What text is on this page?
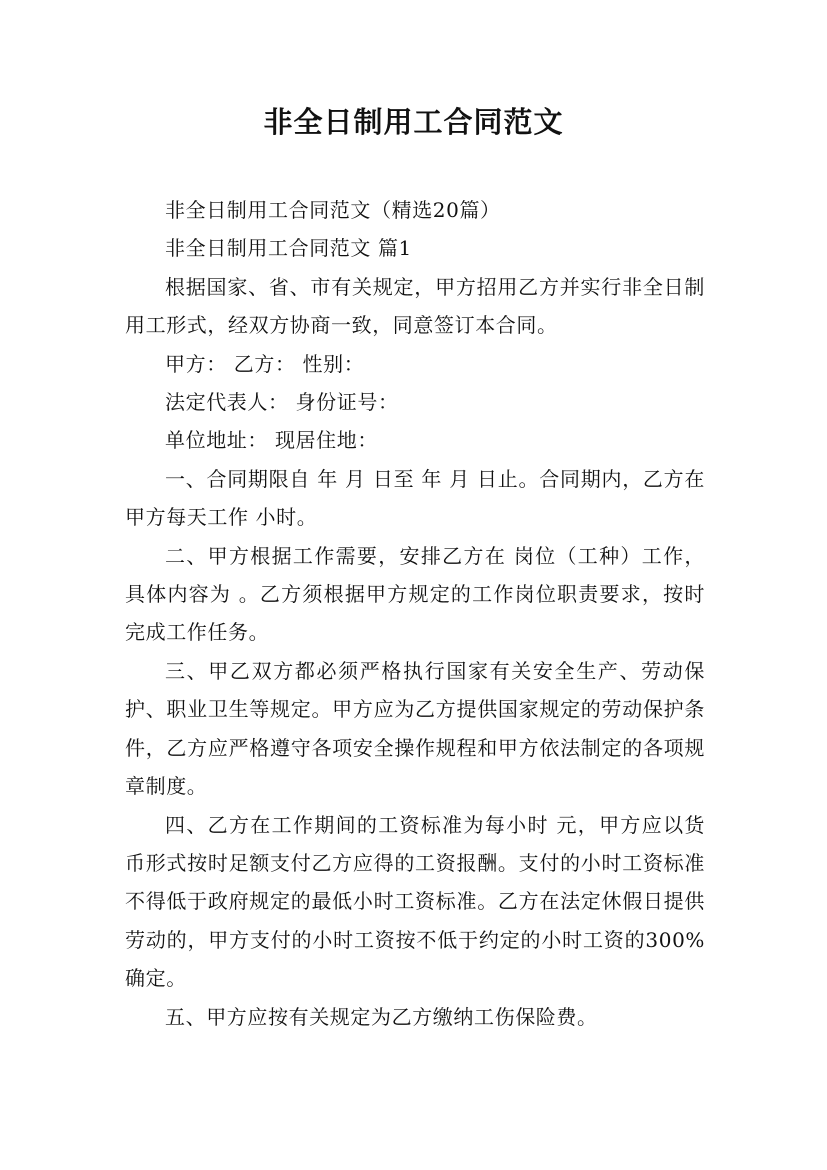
非全日制用工合同范文

非全日制用工合同范文（精选20篇）

非全日制用工合同范文 篇1

根据国家、省、市有关规定，甲方招用乙方并实行非全日制用工形式，经双方协商一致，同意签订本合同。

甲方： 乙方： 性别：

法定代表人： 身份证号：

单位地址： 现居住地：

一、合同期限自 年 月 日至 年 月 日止。合同期内，乙方在甲方每天工作 小时。

二、甲方根据工作需要，安排乙方在 岗位（工种）工作，具体内容为 。乙方须根据甲方规定的工作岗位职责要求，按时完成工作任务。

三、甲乙双方都必须严格执行国家有关安全生产、劳动保护、职业卫生等规定。甲方应为乙方提供国家规定的劳动保护条件，乙方应严格遵守各项安全操作规程和甲方依法制定的各项规章制度。

四、乙方在工作期间的工资标准为每小时 元，甲方应以货币形式按时足额支付乙方应得的工资报酬。支付的小时工资标准不得低于政府规定的最低小时工资标准。乙方在法定休假日提供劳动的，甲方支付的小时工资按不低于约定的小时工资的300%确定。

五、甲方应按有关规定为乙方缴纳工伤保险费。
